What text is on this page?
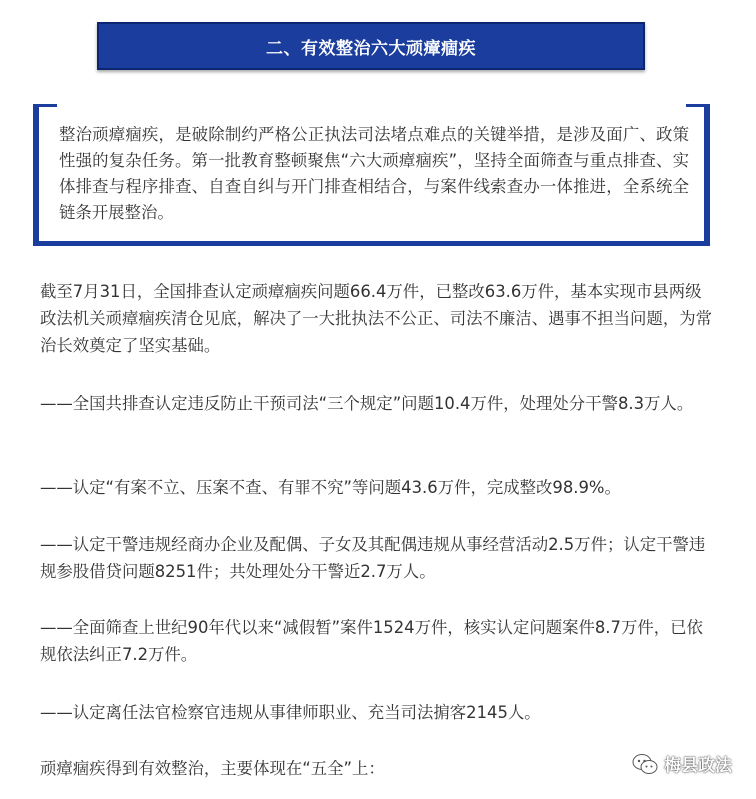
二、有效整治六大顽瘴痼疾

整治顽瘴痼疾，是破除制约严格公正执法司法堵点难点的关键举措，是涉及面广、政策性强的复杂任务。第一批教育整顿聚焦“六大顽瘴痼疾”，坚持全面筛查与重点排查、实体排查与程序排查、自查自纠与开门排查相结合，与案件线索查办一体推进，全系统全链条开展整治。

截至7月31日，全国排查认定顽瘴痼疾问题66.4万件，已整改63.6万件，基本实现市县两级政法机关顽瘴痼疾清仓见底，解决了一大批执法不公正、司法不廉洁、遇事不担当问题，为常治长效奠定了坚实基础。

——全国共排查认定违反防止干预司法“三个规定”问题10.4万件，处理处分干警8.3万人。

——认定“有案不立、压案不查、有罪不究”等问题43.6万件，完成整改98.9%。

——认定干警违规经商办企业及配偶、子女及其配偶违规从事经营活动2.5万件；认定干警违规参股借贷问题8251件；共处理处分干警近2.7万人。

——全面筛查上世纪90年代以来“减假暂”案件1524万件，核实认定问题案件8.7万件，已依规依法纠正7.2万件。

——认定离任法官检察官违规从事律师职业、充当司法掮客2145人。

顽瘴痼疾得到有效整治，主要体现在“五全”上：	梅县政法
